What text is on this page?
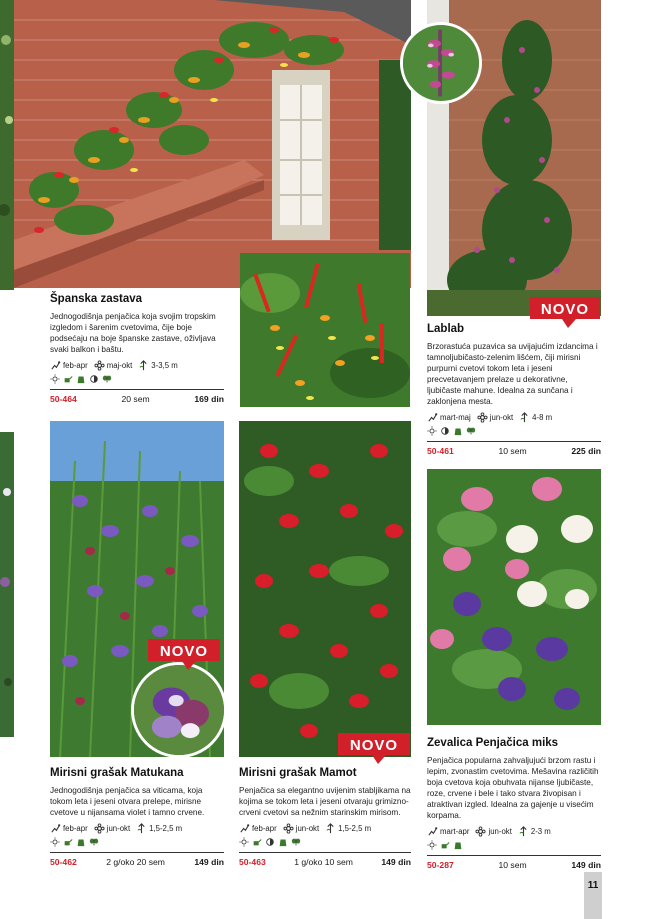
NOVO
NOVO
NOVO
Španska zastava
Jednogodišnja penjačica koja svojim tropskim izgledom i šarenim cvetovima, čije boje podsećaju na boje španske zastave, oživljava svaki balkon i baštu.
feb-apr maj-okt 3-3,5 m
50-464	20 sem	169 din
Lablab
Brzorastuća puzavica sa uvijajućim izdancima i tamnoljubičasto-zelenim lišćem, čiji mirisni purpurni cvetovi tokom leta i jeseni precvetavanjem prelaze u dekorativne, ljubičaste mahune. Idealna za sunčana i zaklonjena mesta.
mart-maj jun-okt 4-8 m
50-461	10 sem	225 din
Mirisni grašak Matukana
Jednogodišnja penjačica sa viticama, koja tokom leta i jeseni otvara prelepe, mirisne cvetove u nijansama violet i tamno crvene.
feb-apr jun-okt 1,5-2,5 m
50-462	2 g/oko 20 sem	149 din
Mirisni grašak Mamot
Penjačica sa elegantno uvijenim stabljikama na kojima se tokom leta i jeseni otvaraju grimizno-crveni cvetovi sa nežnim starinskim mirisom.
feb-apr jun-okt 1,5-2,5 m
50-463	1 g/oko 10 sem	149 din
Zevalica Penjačica miks
Penjačica popularna zahvaljujući brzom rastu i lepim, zvonastim cvetovima. Mešavina različitih boja cvetova koja obuhvata nijanse ljubičaste, roze, crvene i bele i tako stvara živopisan i atraktivan izgled. Idealna za gajenje u visećim korpama.
mart-apr jun-okt 2-3 m
50-287	10 sem	149 din
11
